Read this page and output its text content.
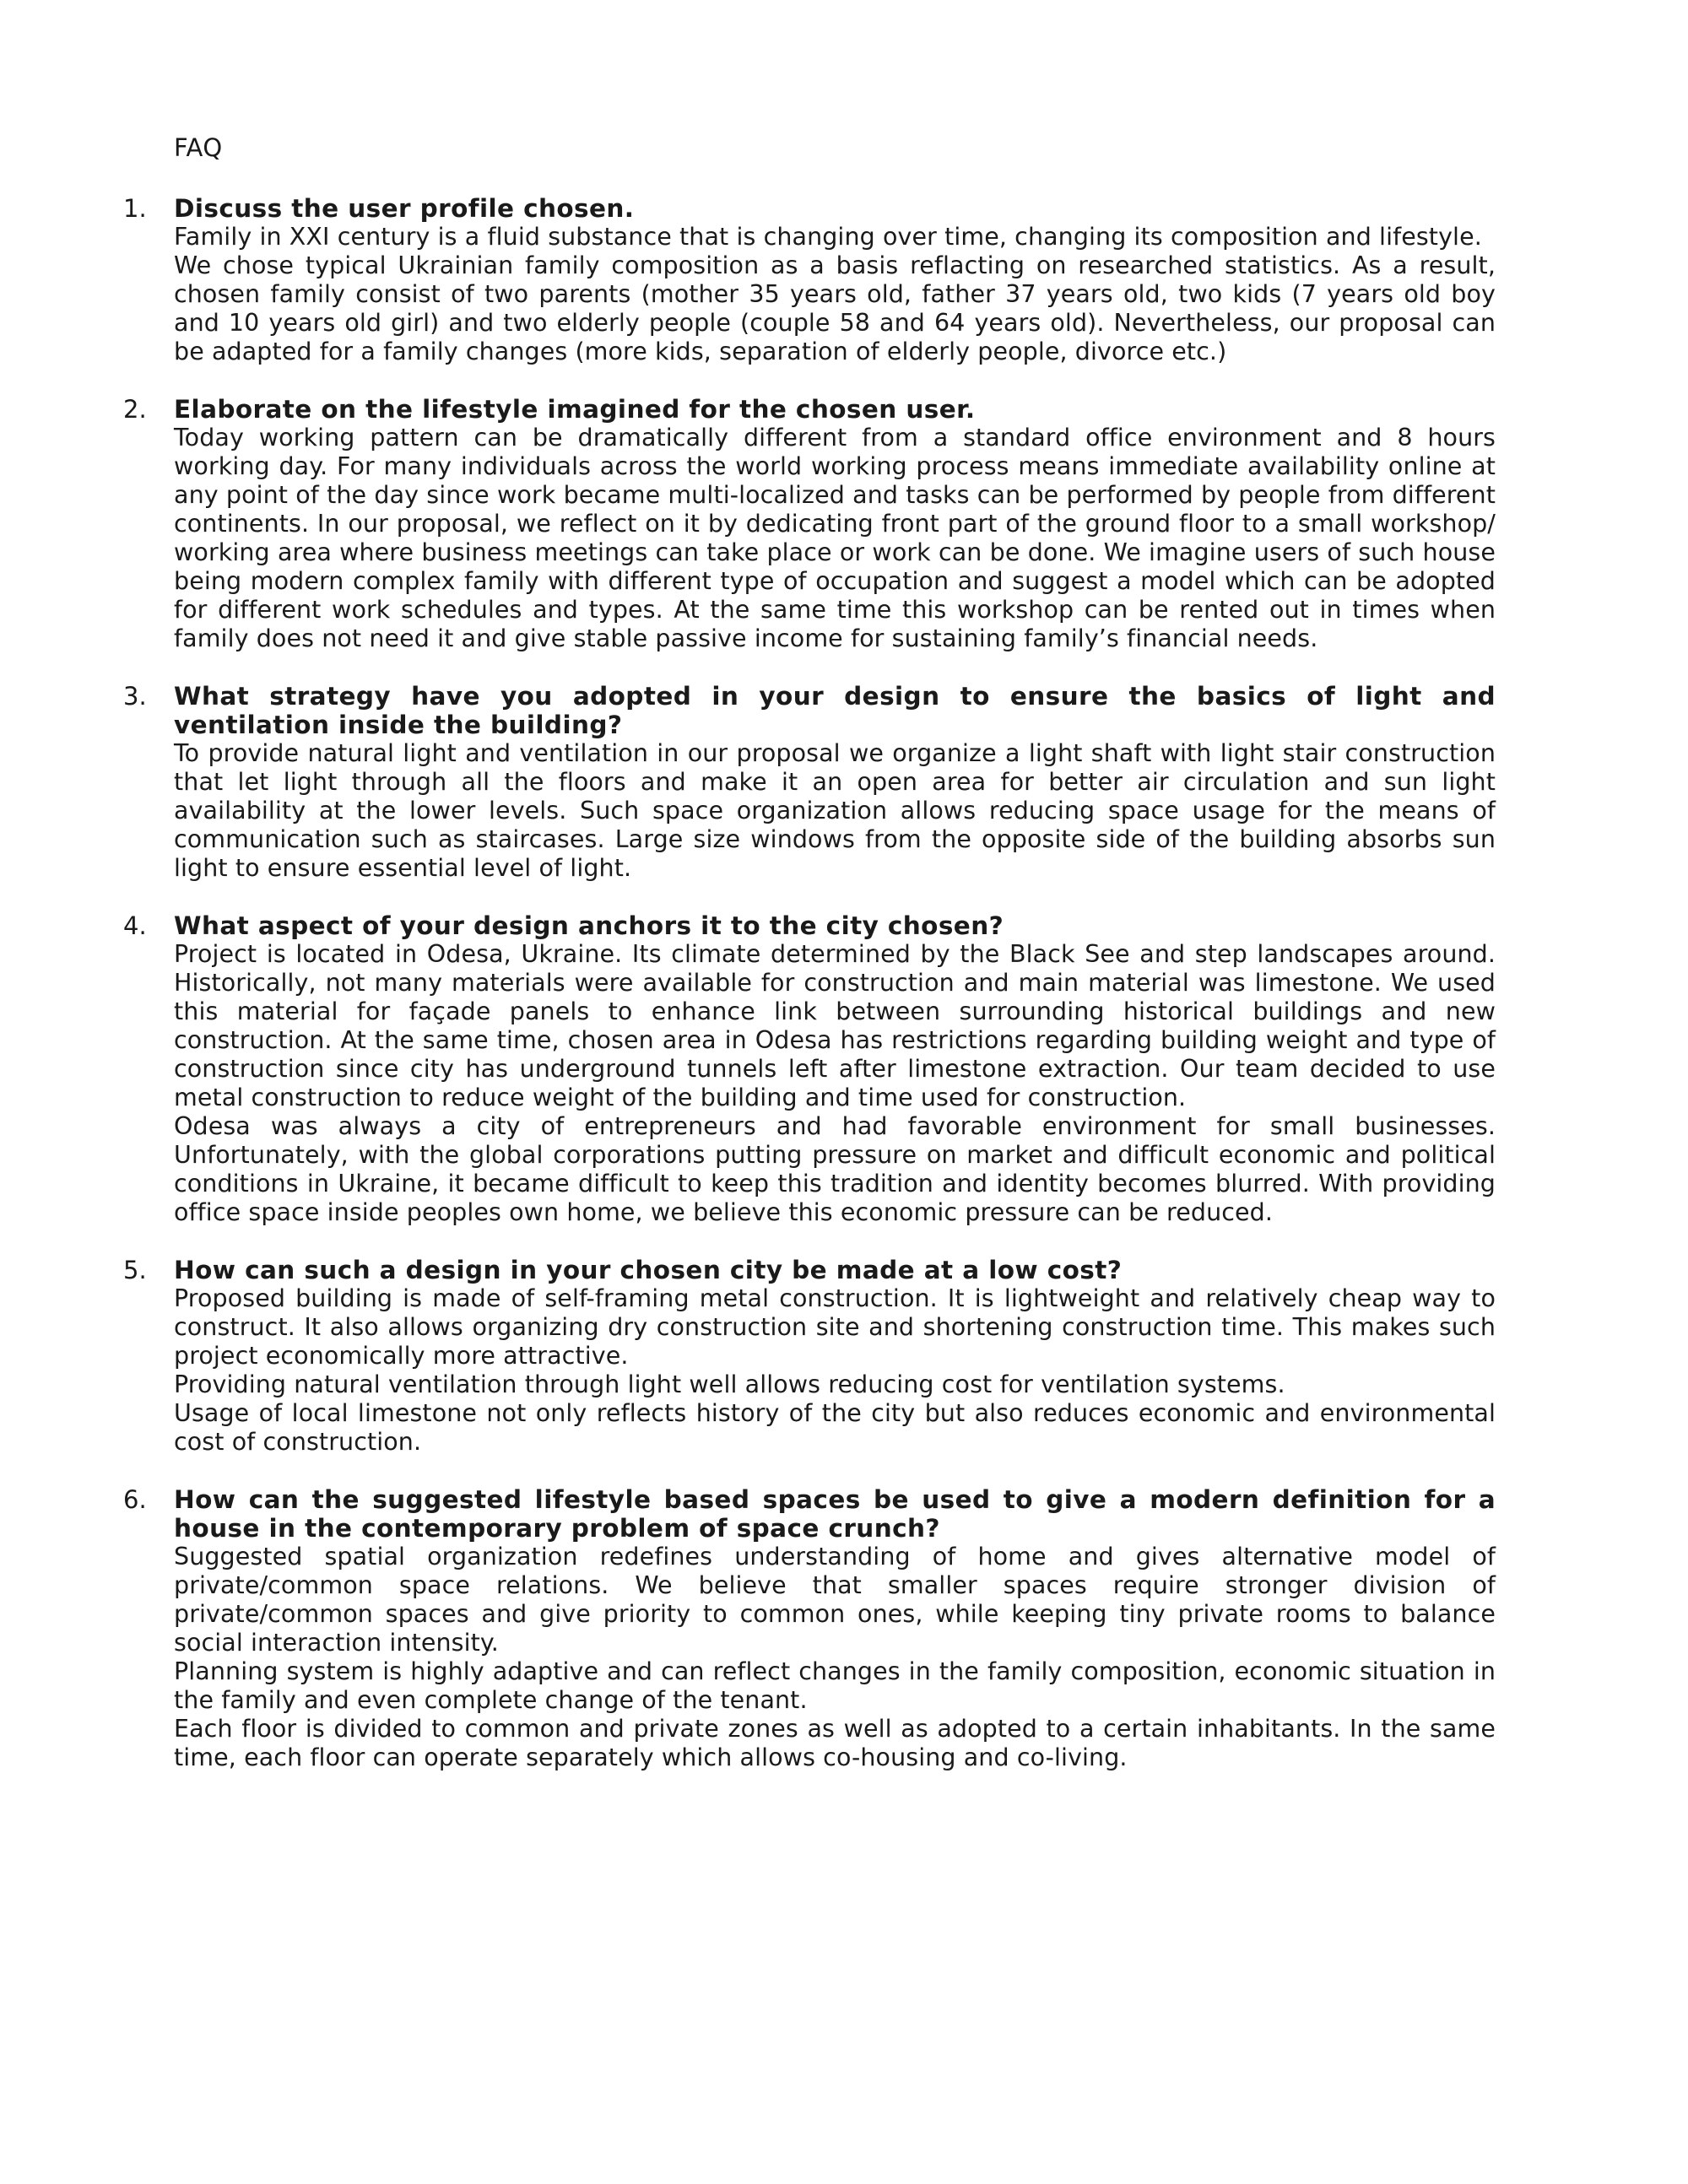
FAQ
1. Discuss the user profile chosen.
Family in XXI century is a fluid substance that is changing over time, changing its composition and lifestyle.
We chose typical Ukrainian family composition as a basis reflacting on researched statistics. As a result, chosen family consist of two parents (mother 35 years old, father 37 years old, two kids (7 years old boy and 10 years old girl) and two elderly people (couple 58 and 64 years old). Nevertheless, our proposal can be adapted for a family changes (more kids, separation of elderly people, divorce etc.)
2. Elaborate on the lifestyle imagined for the chosen user.
Today working pattern can be dramatically different from a standard office environment and 8 hours working day. For many individuals across the world working process means immediate availability online at any point of the day since work became multi-localized and tasks can be performed by people from different continents. In our proposal, we reflect on it by dedicating front part of the ground floor to a small workshop/ working area where business meetings can take place or work can be done. We imagine users of such house being modern complex family with different type of occupation and suggest a model which can be adopted for different work schedules and types. At the same time this workshop can be rented out in times when family does not need it and give stable passive income for sustaining family’s financial needs.
3. What strategy have you adopted in your design to ensure the basics of light and ventilation inside the building?
To provide natural light and ventilation in our proposal we organize a light shaft with light stair construction that let light through all the floors and make it an open area for better air circulation and sun light availability at the lower levels. Such space organization allows reducing space usage for the means of communication such as staircases. Large size windows from the opposite side of the building absorbs sun light to ensure essential level of light.
4. What aspect of your design anchors it to the city chosen?
Project is located in Odesa, Ukraine. Its climate determined by the Black See and step landscapes around. Historically, not many materials were available for construction and main material was limestone. We used this material for façade panels to enhance link between surrounding historical buildings and new construction. At the same time, chosen area in Odesa has restrictions regarding building weight and type of construction since city has underground tunnels left after limestone extraction. Our team decided to use metal construction to reduce weight of the building and time used for construction.
Odesa was always a city of entrepreneurs and had favorable environment for small businesses. Unfortunately, with the global corporations putting pressure on market and difficult economic and political conditions in Ukraine, it became difficult to keep this tradition and identity becomes blurred. With providing office space inside peoples own home, we believe this economic pressure can be reduced.
5. How can such a design in your chosen city be made at a low cost?
Proposed building is made of self-framing metal construction. It is lightweight and relatively cheap way to construct. It also allows organizing dry construction site and shortening construction time. This makes such project economically more attractive.
Providing natural ventilation through light well allows reducing cost for ventilation systems.
Usage of local limestone not only reflects history of the city but also reduces economic and environmental cost of construction.
6. How can the suggested lifestyle based spaces be used to give a modern definition for a house in the contemporary problem of space crunch?
Suggested spatial organization redefines understanding of home and gives alternative model of private/common space relations. We believe that smaller spaces require stronger division of private/common spaces and give priority to common ones, while keeping tiny private rooms to balance social interaction intensity.
Planning system is highly adaptive and can reflect changes in the family composition, economic situation in the family and even complete change of the tenant.
Each floor is divided to common and private zones as well as adopted to a certain inhabitants. In the same time, each floor can operate separately which allows co-housing and co-living.
